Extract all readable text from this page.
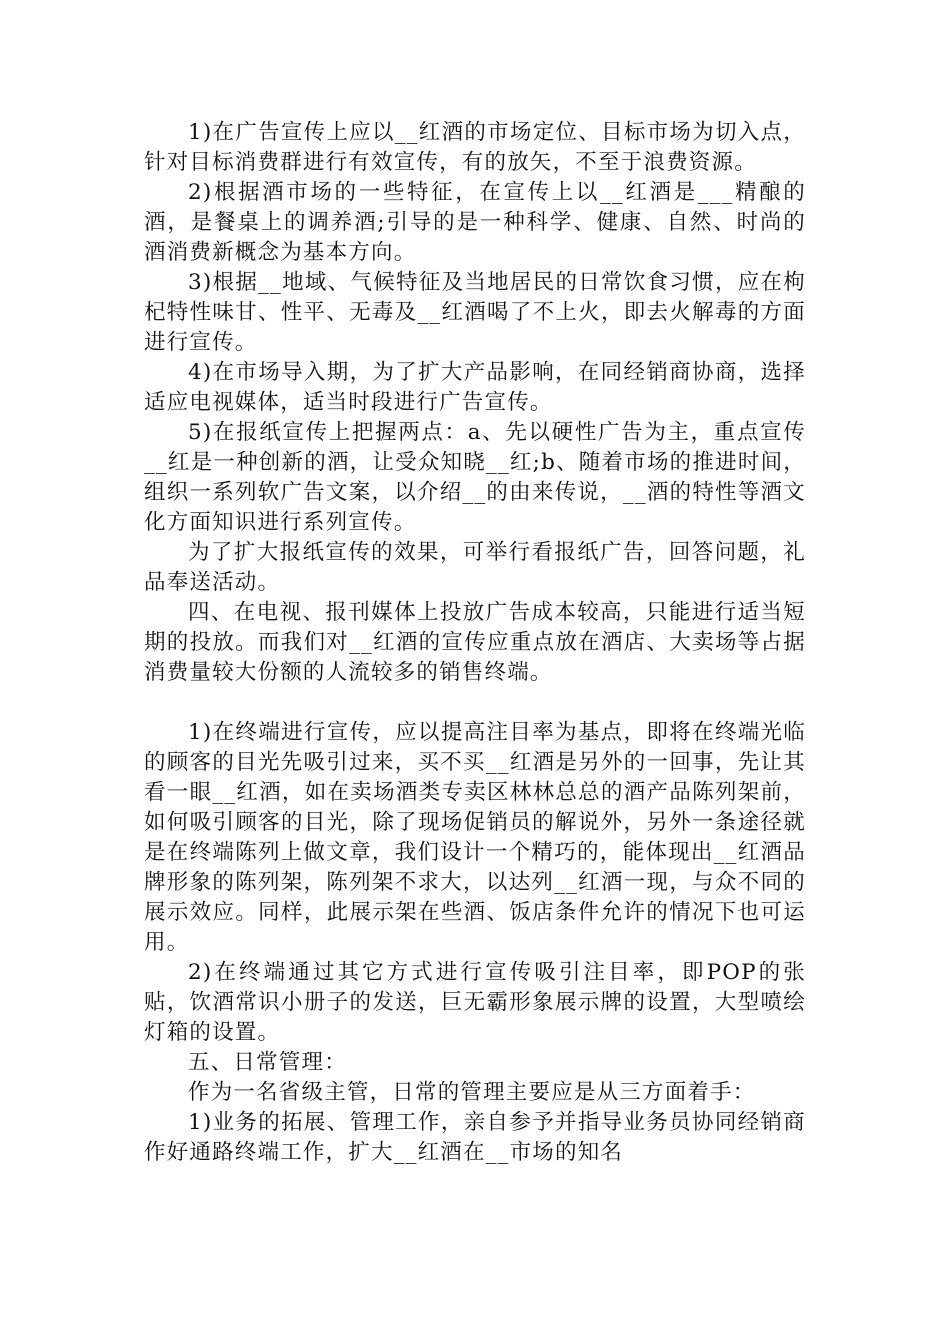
1)在广告宣传上应以__红酒的市场定位、目标市场为切入点，针对目标消费群进行有效宣传，有的放矢，不至于浪费资源。

2)根据酒市场的一些特征，在宣传上以__红酒是___精酿的酒，是餐桌上的调养酒;引导的是一种科学、健康、自然、时尚的酒消费新概念为基本方向。

3)根据__地域、气候特征及当地居民的日常饮食习惯，应在枸杞特性味甘、性平、无毒及__红酒喝了不上火，即去火解毒的方面进行宣传。

4)在市场导入期，为了扩大产品影响，在同经销商协商，选择适应电视媒体，适当时段进行广告宣传。

5)在报纸宣传上把握两点：a、先以硬性广告为主，重点宣传__红是一种创新的酒，让受众知晓__红;b、随着市场的推进时间，组织一系列软广告文案，以介绍__的由来传说，__酒的特性等酒文化方面知识进行系列宣传。

为了扩大报纸宣传的效果，可举行看报纸广告，回答问题，礼品奉送活动。

四、在电视、报刊媒体上投放广告成本较高，只能进行适当短期的投放。而我们对__红酒的宣传应重点放在酒店、大卖场等占据消费量较大份额的人流较多的销售终端。

1)在终端进行宣传，应以提高注目率为基点，即将在终端光临的顾客的目光先吸引过来，买不买__红酒是另外的一回事，先让其看一眼__红酒，如在卖场酒类专卖区林林总总的酒产品陈列架前，如何吸引顾客的目光，除了现场促销员的解说外，另外一条途径就是在终端陈列上做文章，我们设计一个精巧的，能体现出__红酒品牌形象的陈列架，陈列架不求大，以达列__红酒一现，与众不同的展示效应。同样，此展示架在些酒、饭店条件允许的情况下也可运用。

2)在终端通过其它方式进行宣传吸引注目率，即POP的张贴，饮酒常识小册子的发送，巨无霸形象展示牌的设置，大型喷绘灯箱的设置。

五、日常管理：

作为一名省级主管，日常的管理主要应是从三方面着手：

1)业务的拓展、管理工作，亲自参予并指导业务员协同经销商作好通路终端工作，扩大__红酒在__市场的知名
